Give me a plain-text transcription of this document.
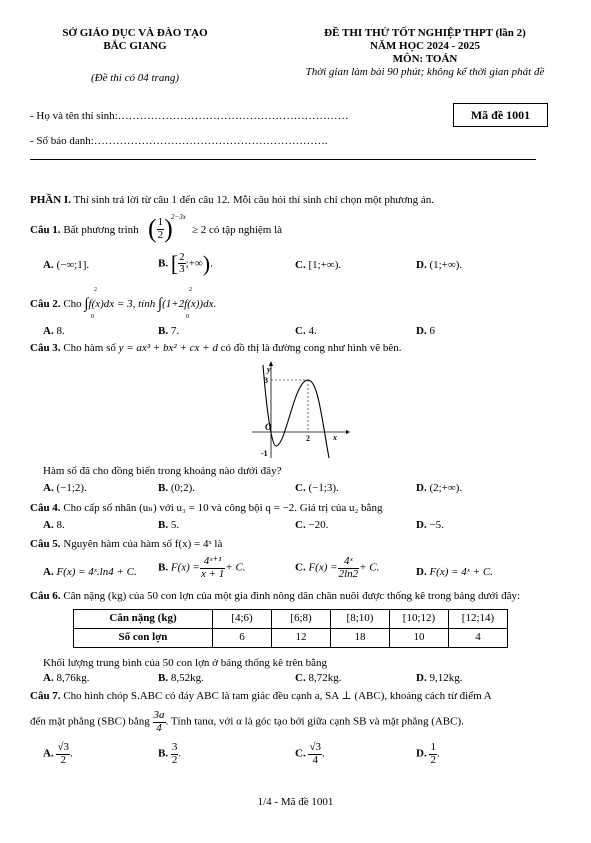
SỞ GIÁO DỤC VÀ ĐÀO TẠO
BẮC GIANG
(Đề thi có 04 trang)
ĐỀ THI THỬ TỐT NGHIỆP THPT (lần 2)
NĂM HỌC 2024 - 2025
MÔN: TOÁN
Thời gian làm bài 90 phút; không kể thời gian phát đề
- Họ và tên thí sinh:………………………………………………………
- Số báo danh:……………………………………………………….
Mã đề 1001
PHẦN I. Thí sinh trả lời từ câu 1 đến câu 12. Mỗi câu hỏi thí sinh chỉ chọn một phương án.
Câu 1. Bất phương trình ( $\frac{1}{2}$ )
2−3x
≥ 2 có tập nghiệm là
A. (−∞;1].	B. [ $\frac{2}{3}$ ;+∞).	C. [1;+∞).	D. (1;+∞).
Câu 2. Cho ∫f(x)dx = 3, tính ∫(1+2f(x))dx.
2
0
2
0
A. 8.	B. 7.	C. 4.	D. 6
Câu 3. Cho hàm số y = ax³ + bx² + cx + d có đồ thị là đường cong như hình vẽ bên.
y
x
O
3
-1
2
Hàm số đã cho đồng biến trong khoảng nào dưới đây?
A. (−1;2).	B. (0;2).	C. (−1;3).	D. (2;+∞).
Câu 4. Cho cấp số nhân (uₙ) với u₃ = 10 và công bội q = −2. Giá trị của u₂ bằng
A. 8.	B. 5.	C. −20.	D. −5.
Câu 5. Nguyên hàm của hàm số f(x) = 4ˣ là
A. F(x) = 4ˣ.ln4 + C. B. $F(x) = \frac{\text{4ˣ⁺¹}}{x + 1} + C$.	C. $F(x) = \frac{\text{4ˣ}}{2\ln 2} + C$.	D. F(x) = 4ˣ + C.
Câu 6. Cân nặng (kg) của 50 con lợn của một gia đình nông dân chăn nuôi được thống kê trong bảng dưới đây:
Cân nặng (kg)	[4;6)	[6;8)	[8;10)	[10;12)	[12;14)
Số con lợn	6	12	18	10	4
Khối lượng trung bình của 50 con lợn ở bảng thống kê trên bằng
A. 8,76kg.	B. 8,52kg.	C. 8,72kg.	D. 9,12kg.
Câu 7. Cho hình chóp S.ABC có đáy ABC là tam giác đều cạnh a, SA ⊥ (ABC), khoảng cách từ điểm A
đến mặt phẳng (SBC) bằng $\frac{3a}{4}$ . Tính tanα, với α là góc tạo bởi giữa cạnh SB và mặt phẳng (ABC).
A. $\frac{√3}{2}$ .	B. $\frac{3}{2}$ .	C. $\frac{√3}{4}$ .	D. $\frac{1}{2}$ .
1/4 - Mã đề 1001
